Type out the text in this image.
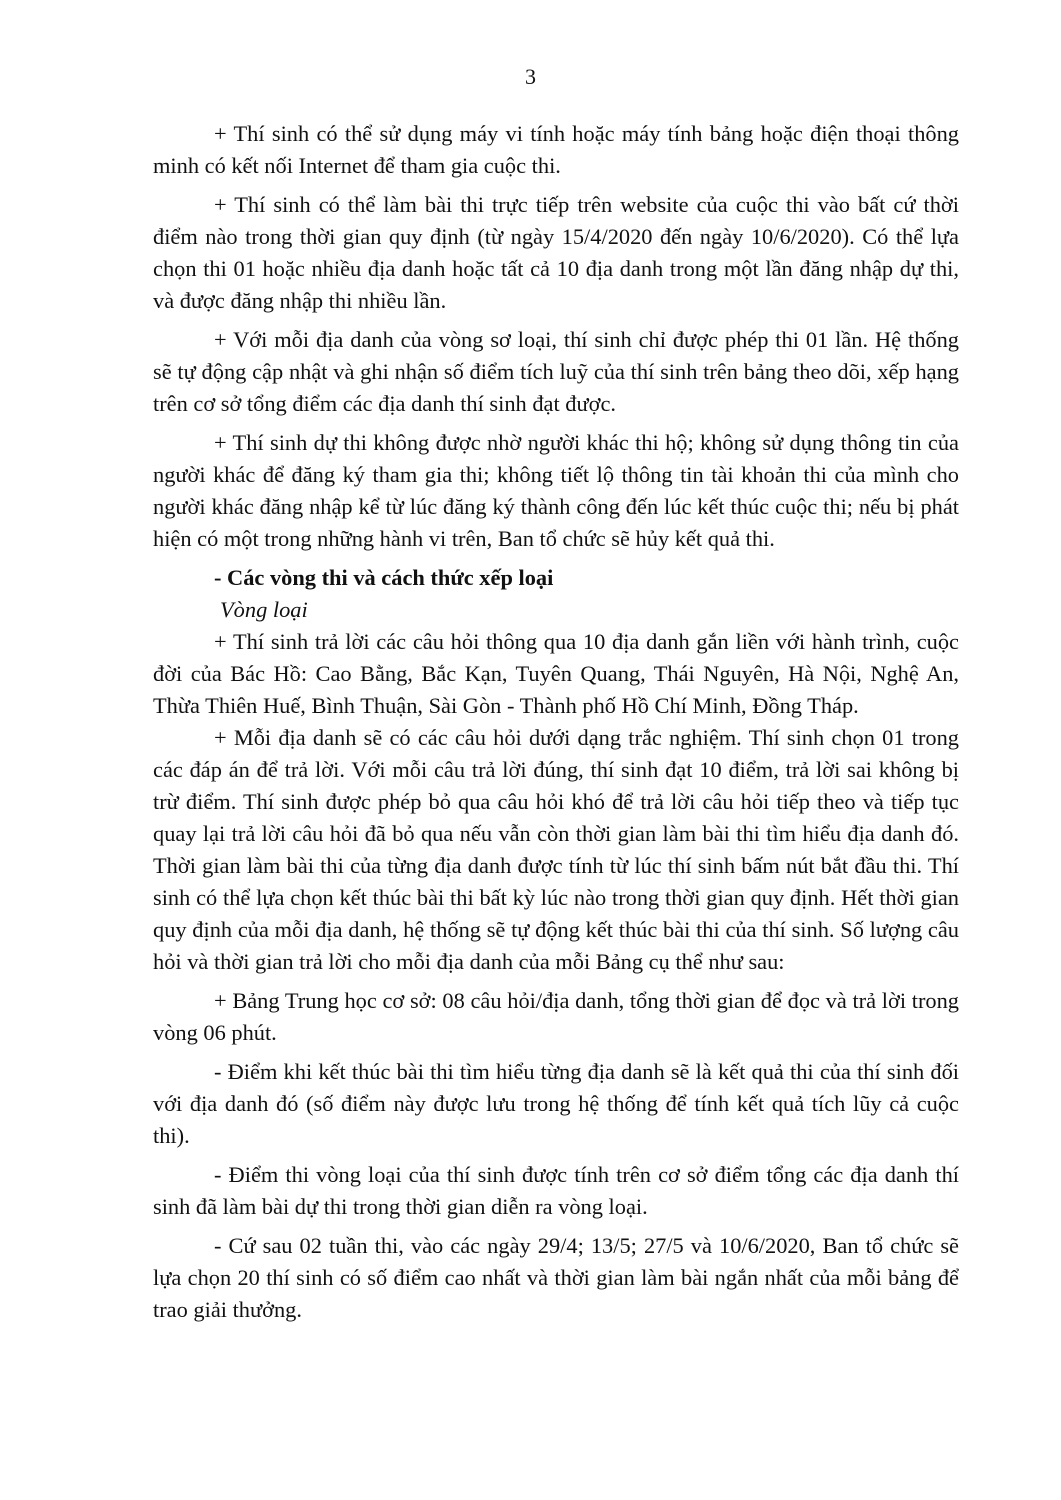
3

+ Thí sinh có thể sử dụng máy vi tính hoặc máy tính bảng hoặc điện thoại thông minh có kết nối Internet để tham gia cuộc thi.

+ Thí sinh có thể làm bài thi trực tiếp trên website của cuộc thi vào bất cứ thời điểm nào trong thời gian quy định (từ ngày 15/4/2020 đến ngày 10/6/2020). Có thể lựa chọn thi 01 hoặc nhiều địa danh hoặc tất cả 10 địa danh trong một lần đăng nhập dự thi, và được đăng nhập thi nhiều lần.

+ Với mỗi địa danh của vòng sơ loại, thí sinh chỉ được phép thi 01 lần. Hệ thống sẽ tự động cập nhật và ghi nhận số điểm tích luỹ của thí sinh trên bảng theo dõi, xếp hạng trên cơ sở tổng điểm các địa danh thí sinh đạt được.

+ Thí sinh dự thi không được nhờ người khác thi hộ; không sử dụng thông tin của người khác để đăng ký tham gia thi; không tiết lộ thông tin tài khoản thi của mình cho người khác đăng nhập kể từ lúc đăng ký thành công đến lúc kết thúc cuộc thi; nếu bị phát hiện có một trong những hành vi trên, Ban tổ chức sẽ hủy kết quả thi.

- Các vòng thi và cách thức xếp loại

Vòng loại

+ Thí sinh trả lời các câu hỏi thông qua 10 địa danh gắn liền với hành trình, cuộc đời của Bác Hồ: Cao Bằng, Bắc Kạn, Tuyên Quang, Thái Nguyên, Hà Nội, Nghệ An, Thừa Thiên Huế, Bình Thuận, Sài Gòn - Thành phố Hồ Chí Minh, Đồng Tháp.

+ Mỗi địa danh sẽ có các câu hỏi dưới dạng trắc nghiệm. Thí sinh chọn 01 trong các đáp án để trả lời. Với mỗi câu trả lời đúng, thí sinh đạt 10 điểm, trả lời sai không bị trừ điểm. Thí sinh được phép bỏ qua câu hỏi khó để trả lời câu hỏi tiếp theo và tiếp tục quay lại trả lời câu hỏi đã bỏ qua nếu vẫn còn thời gian làm bài thi tìm hiểu địa danh đó. Thời gian làm bài thi của từng địa danh được tính từ lúc thí sinh bấm nút bắt đầu thi. Thí sinh có thể lựa chọn kết thúc bài thi bất kỳ lúc nào trong thời gian quy định. Hết thời gian quy định của mỗi địa danh, hệ thống sẽ tự động kết thúc bài thi của thí sinh. Số lượng câu hỏi và thời gian trả lời cho mỗi địa danh của mỗi Bảng cụ thể như sau:

+ Bảng Trung học cơ sở: 08 câu hỏi/địa danh, tổng thời gian để đọc và trả lời trong vòng 06 phút.

- Điểm khi kết thúc bài thi tìm hiểu từng địa danh sẽ là kết quả thi của thí sinh đối với địa danh đó (số điểm này được lưu trong hệ thống để tính kết quả tích lũy cả cuộc thi).

- Điểm thi vòng loại của thí sinh được tính trên cơ sở điểm tổng các địa danh thí sinh đã làm bài dự thi trong thời gian diễn ra vòng loại.

- Cứ sau 02 tuần thi, vào các ngày 29/4; 13/5; 27/5 và 10/6/2020, Ban tổ chức sẽ lựa chọn 20 thí sinh có số điểm cao nhất và thời gian làm bài ngắn nhất của mỗi bảng để trao giải thưởng.
